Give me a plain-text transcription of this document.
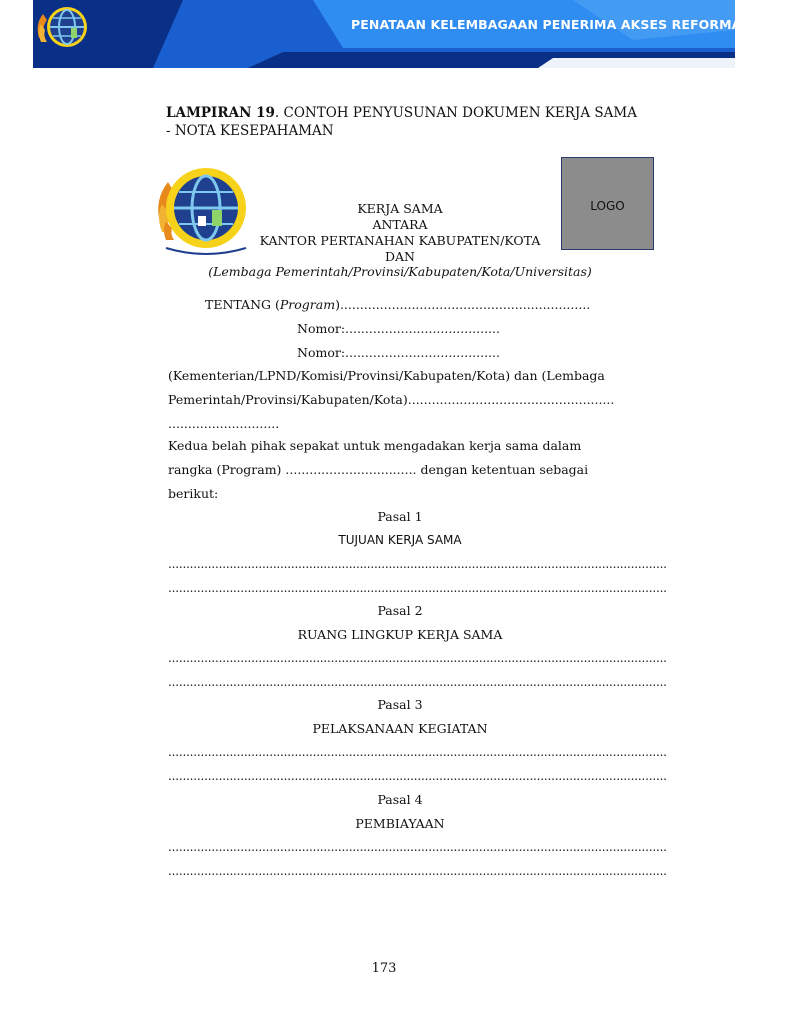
PENATAAN KELEMBAGAAN PENERIMA AKSES REFORMA AGRARIA
LAMPIRAN 19. CONTOH PENYUSUNAN DOKUMEN KERJA SAMA
- NOTA KESEPAHAMAN
LOGO
KERJA SAMA
ANTARA
KANTOR PERTANAHAN KABUPATEN/KOTA
DAN
(Lembaga Pemerintah/Provinsi/Kabupaten/Kota/Universitas)
TENTANG (Program)...............................................................
Nomor:.......................................
Nomor:.......................................
(Kementerian/LPND/Komisi/Provinsi/Kabupaten/Kota) dan (Lembaga
Pemerintah/Provinsi/Kabupaten/Kota)....................................................
............................
Kedua belah pihak sepakat untuk mengadakan kerja sama dalam
rangka (Program) ................................. dengan ketentuan sebagai
berikut:
Pasal 1
TUJUAN KERJA SAMA
..........................................................................................................................................
..........................................................................................................................................
Pasal 2
RUANG LINGKUP KERJA SAMA
..........................................................................................................................................
..........................................................................................................................................
Pasal 3
PELAKSANAAN KEGIATAN
..........................................................................................................................................
..........................................................................................................................................
Pasal 4
PEMBIAYAAN
..........................................................................................................................................
..........................................................................................................................................
173
